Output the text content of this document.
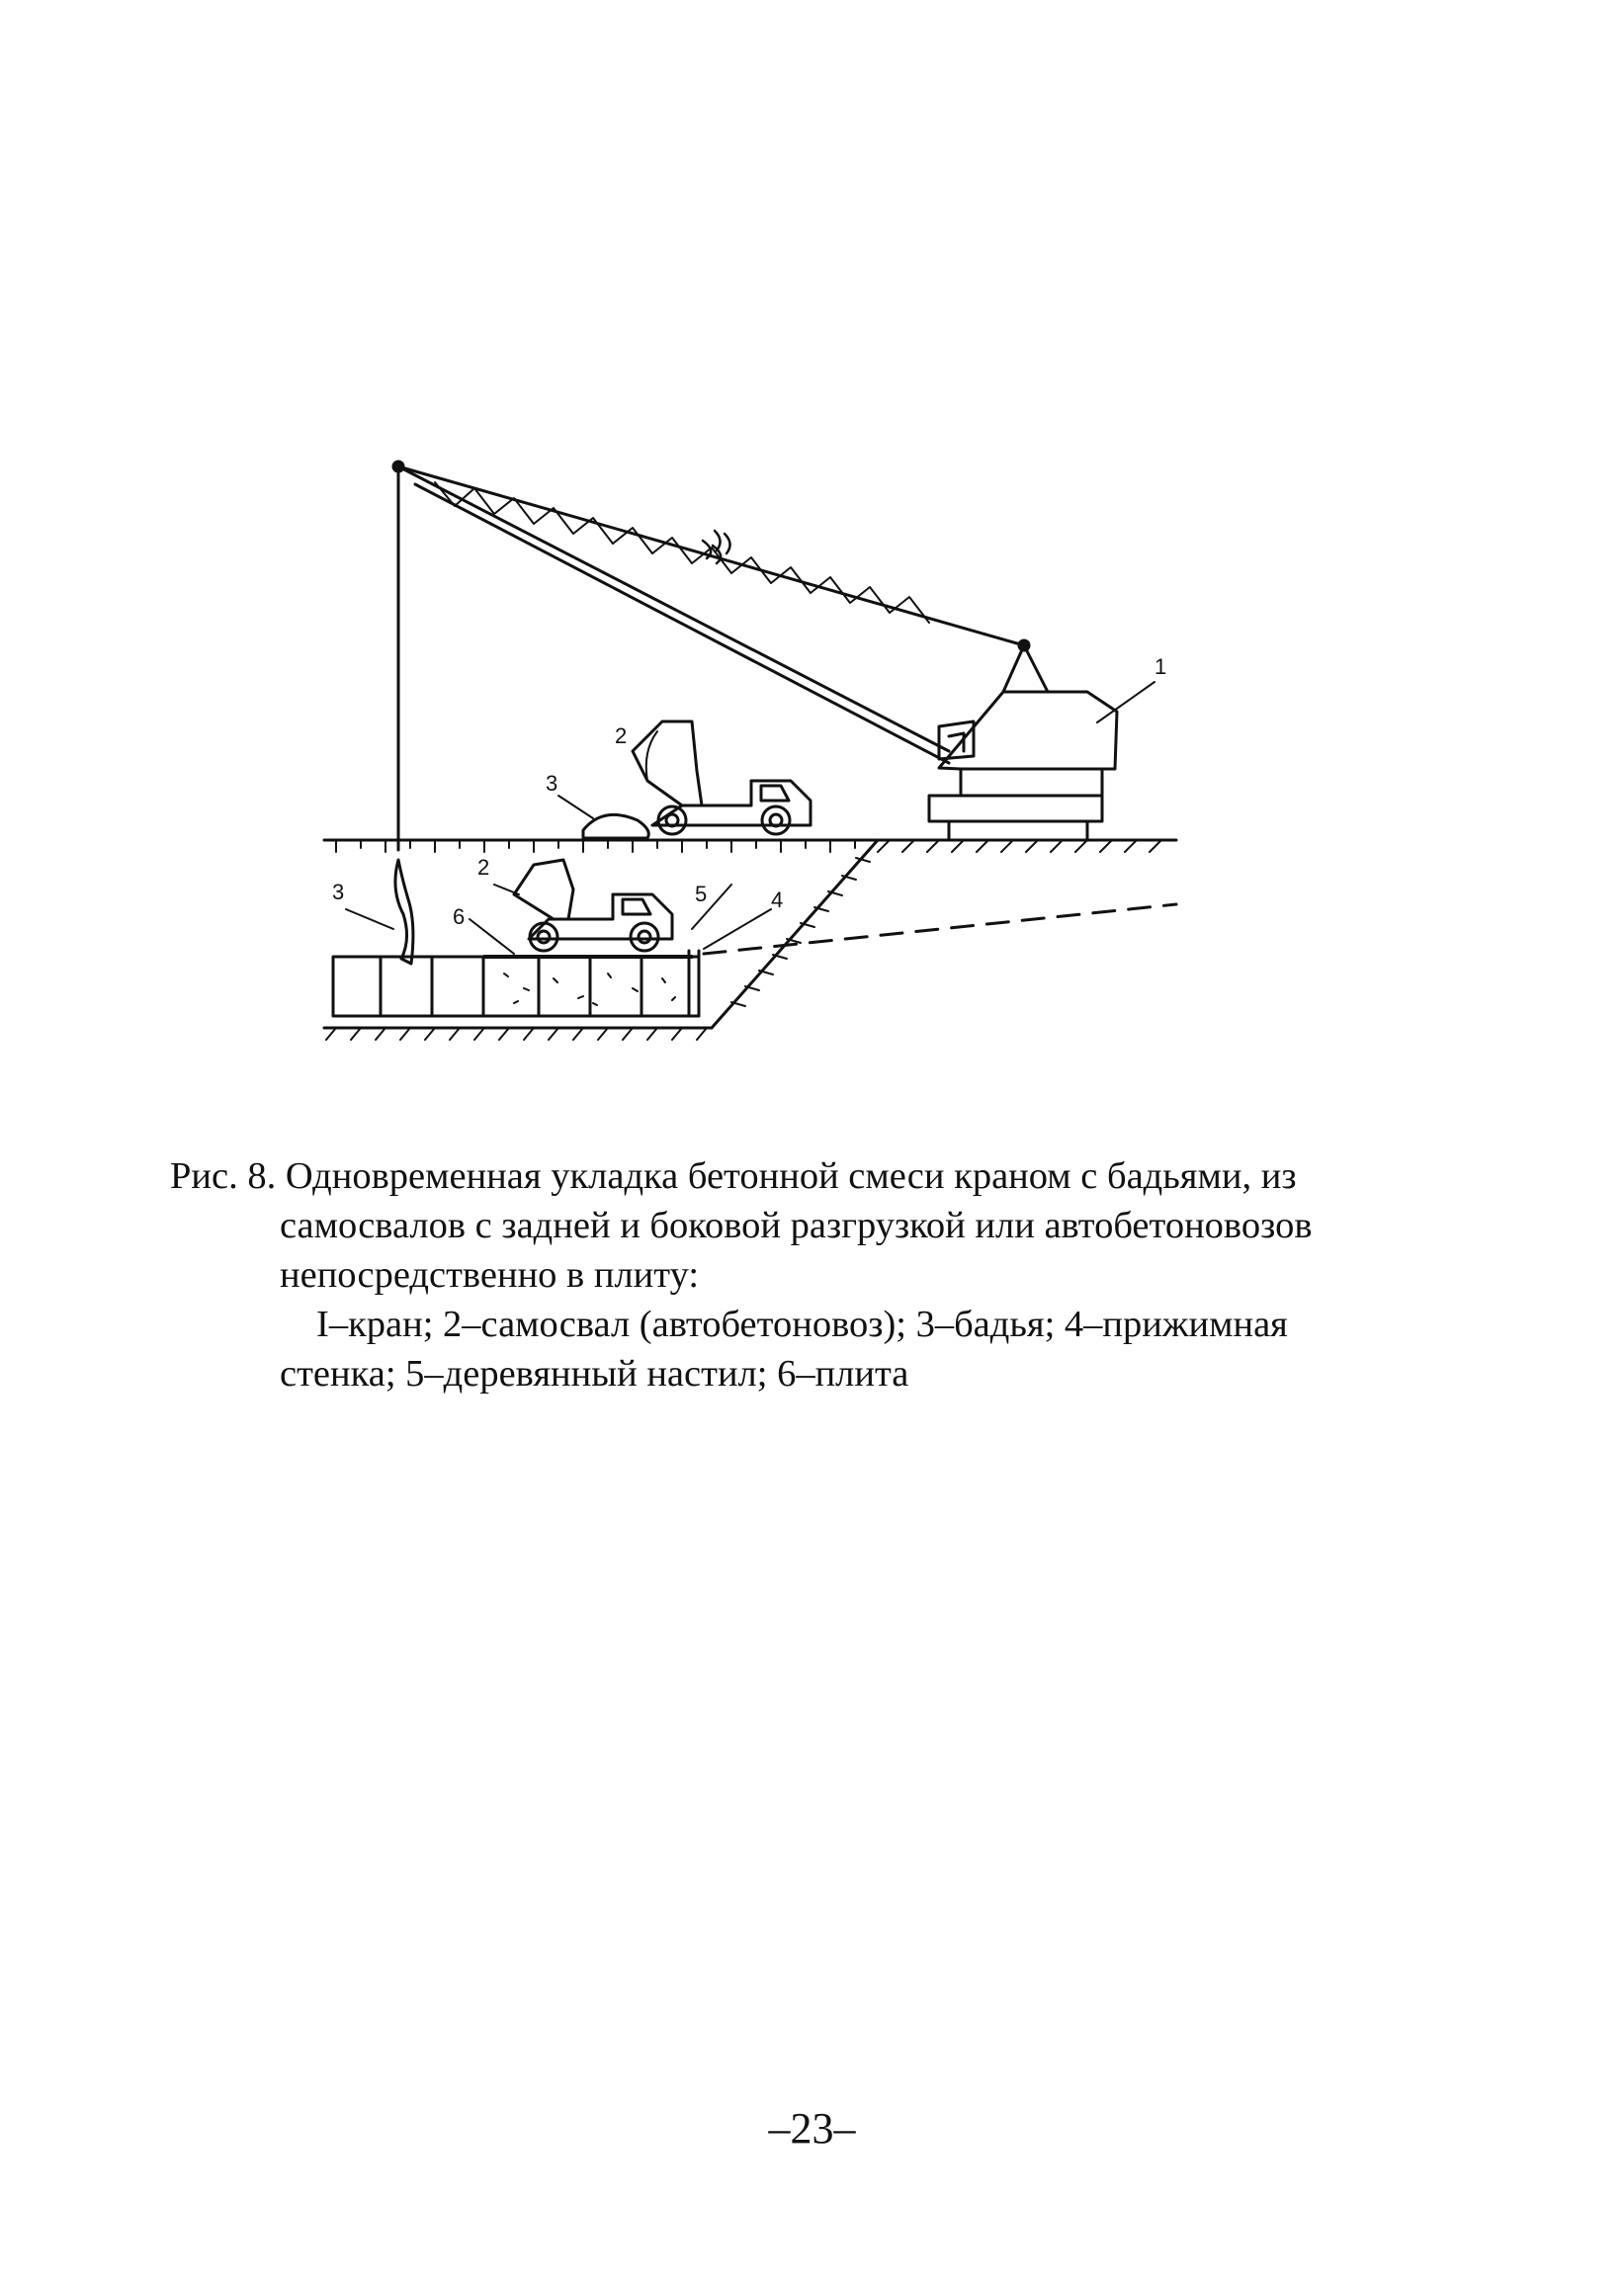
1
2
3
2
3
6
5	4
Рис. 8. Одновременная укладка бетонной смеси краном с бадьями, из
самосвалов с задней и боковой разгрузкой или автобетоновозов
непосредственно в плиту:
I–кран; 2–самосвал (автобетоновоз); 3–бадья; 4–прижимная
стенка; 5–деревянный настил; 6–плита
–23–
